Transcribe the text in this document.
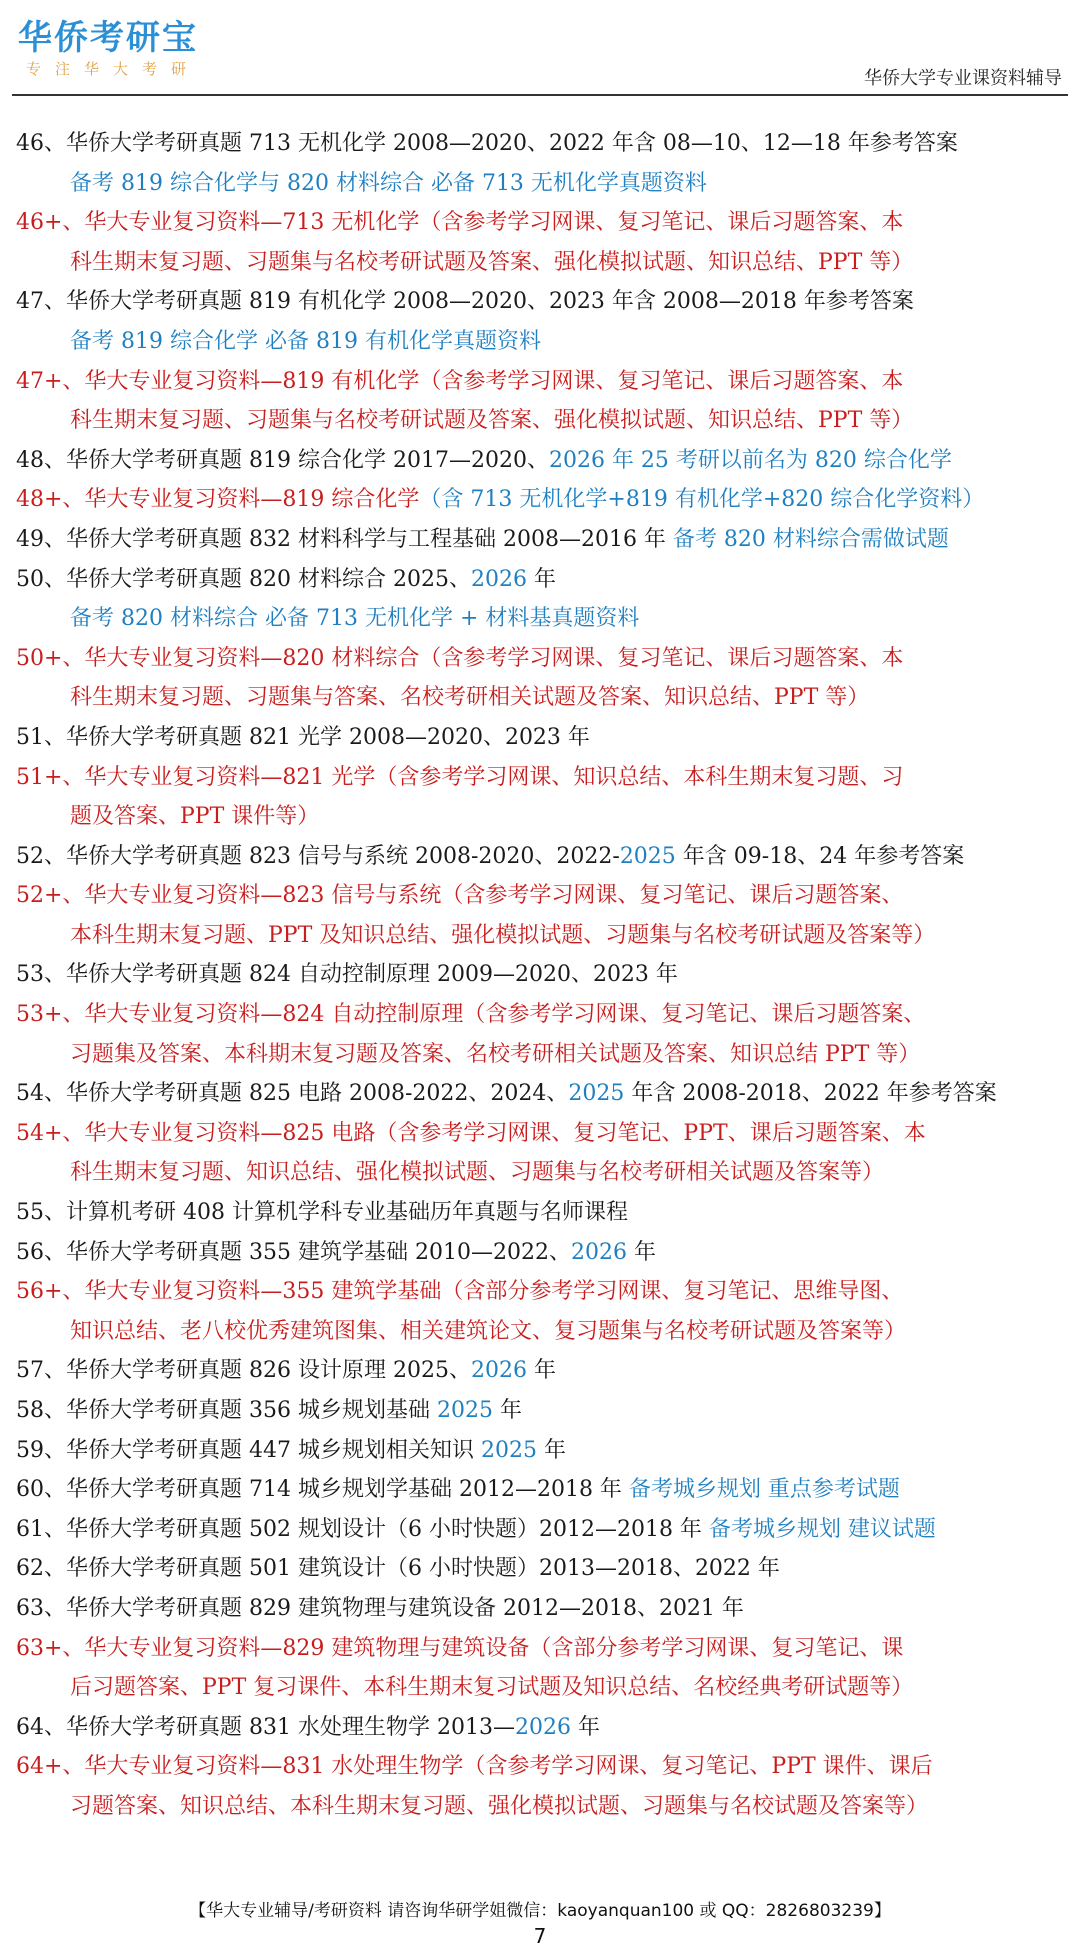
华侨考研宝
专注华大考研	华侨大学专业课资料辅导
46、华侨大学考研真题 713 无机化学 2008—2020、2022 年含 08—10、12—18 年参考答案
备考 819 综合化学与 820 材料综合 必备 713 无机化学真题资料
46+、华大专业复习资料—713 无机化学（含参考学习网课、复习笔记、课后习题答案、本
科生期末复习题、习题集与名校考研试题及答案、强化模拟试题、知识总结、PPT 等）
47、华侨大学考研真题 819 有机化学 2008—2020、2023 年含 2008—2018 年参考答案
备考 819 综合化学 必备 819 有机化学真题资料
47+、华大专业复习资料—819 有机化学（含参考学习网课、复习笔记、课后习题答案、本
科生期末复习题、习题集与名校考研试题及答案、强化模拟试题、知识总结、PPT 等）
48、华侨大学考研真题 819 综合化学 2017—2020、2026 年 25 考研以前名为 820 综合化学
48+、华大专业复习资料—819 综合化学（含 713 无机化学+819 有机化学+820 综合化学资料）
49、华侨大学考研真题 832 材料科学与工程基础 2008—2016 年 备考 820 材料综合需做试题
50、华侨大学考研真题 820 材料综合 2025、2026 年
备考 820 材料综合 必备 713 无机化学 + 材料基真题资料
50+、华大专业复习资料—820 材料综合（含参考学习网课、复习笔记、课后习题答案、本
科生期末复习题、习题集与答案、名校考研相关试题及答案、知识总结、PPT 等）
51、华侨大学考研真题 821 光学 2008—2020、2023 年
51+、华大专业复习资料—821 光学（含参考学习网课、知识总结、本科生期末复习题、习
题及答案、PPT 课件等）
52、华侨大学考研真题 823 信号与系统 2008-2020、2022-2025 年含 09-18、24 年参考答案
52+、华大专业复习资料—823 信号与系统（含参考学习网课、复习笔记、课后习题答案、
本科生期末复习题、PPT 及知识总结、强化模拟试题、习题集与名校考研试题及答案等）
53、华侨大学考研真题 824 自动控制原理 2009—2020、2023 年
53+、华大专业复习资料—824 自动控制原理（含参考学习网课、复习笔记、课后习题答案、
习题集及答案、本科期末复习题及答案、名校考研相关试题及答案、知识总结 PPT 等）
54、华侨大学考研真题 825 电路 2008-2022、2024、2025 年含 2008-2018、2022 年参考答案
54+、华大专业复习资料—825 电路（含参考学习网课、复习笔记、PPT、课后习题答案、本
科生期末复习题、知识总结、强化模拟试题、习题集与名校考研相关试题及答案等）
55、计算机考研 408 计算机学科专业基础历年真题与名师课程
56、华侨大学考研真题 355 建筑学基础 2010—2022、2026 年
56+、华大专业复习资料—355 建筑学基础（含部分参考学习网课、复习笔记、思维导图、
知识总结、老八校优秀建筑图集、相关建筑论文、复习题集与名校考研试题及答案等）
57、华侨大学考研真题 826 设计原理 2025、2026 年
58、华侨大学考研真题 356 城乡规划基础 2025 年
59、华侨大学考研真题 447 城乡规划相关知识 2025 年
60、华侨大学考研真题 714 城乡规划学基础 2012—2018 年 备考城乡规划 重点参考试题
61、华侨大学考研真题 502 规划设计（6 小时快题）2012—2018 年 备考城乡规划 建议试题
62、华侨大学考研真题 501 建筑设计（6 小时快题）2013—2018、2022 年
63、华侨大学考研真题 829 建筑物理与建筑设备 2012—2018、2021 年
63+、华大专业复习资料—829 建筑物理与建筑设备（含部分参考学习网课、复习笔记、课
后习题答案、PPT 复习课件、本科生期末复习试题及知识总结、名校经典考研试题等）
64、华侨大学考研真题 831 水处理生物学 2013—2026 年
64+、华大专业复习资料—831 水处理生物学（含参考学习网课、复习笔记、PPT 课件、课后
习题答案、知识总结、本科生期末复习题、强化模拟试题、习题集与名校试题及答案等）
【华大专业辅导/考研资料 请咨询华研学姐微信：kaoyanquan100 或 QQ：2826803239】
7
